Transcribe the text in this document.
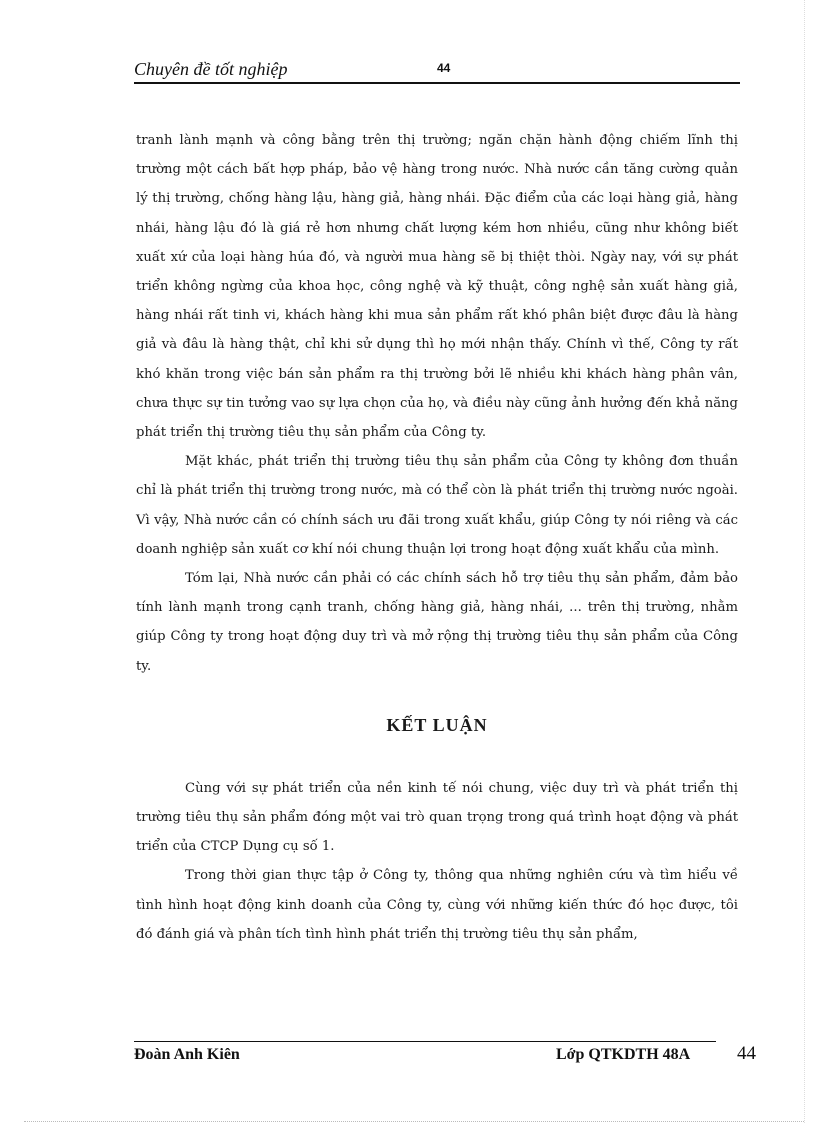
Chuyên đề tốt nghiệp	44

tranh lành mạnh và công bằng trên thị trường; ngăn chặn hành động chiếm lĩnh thị trường một cách bất hợp pháp, bảo vệ hàng trong nước. Nhà nước cần tăng cường quản lý thị trường, chống hàng lậu, hàng giả, hàng nhái. Đặc điểm của các loại hàng giả, hàng nhái, hàng lậu đó là giá rẻ hơn nhưng chất lượng kém hơn nhiều, cũng như không biết xuất xứ của loại hàng húa đó, và người mua hàng sẽ bị thiệt thòi. Ngày nay, với sự phát triển không ngừng của khoa học, công nghệ và kỹ thuật, công nghệ sản xuất hàng giả, hàng nhái rất tinh vi, khách hàng khi mua sản phẩm rất khó phân biệt được đâu là hàng giả và đâu là hàng thật, chỉ khi sử dụng thì họ mới nhận thấy. Chính vì thế, Công ty rất khó khăn trong việc bán sản phẩm ra thị trường bởi lẽ nhiều khi khách hàng phân vân, chưa thực sự tin tưởng vao sự lựa chọn của họ, và điều này cũng ảnh hưởng đến khả năng phát triển thị trường tiêu thụ sản phẩm của Công ty.

Mặt khác, phát triển thị trường tiêu thụ sản phẩm của Công ty không đơn thuần chỉ là phát triển thị trường trong nước, mà có thể còn là phát triển thị trường nước ngoài. Vì vậy, Nhà nước cần có chính sách ưu đãi trong xuất khẩu, giúp Công ty nói riêng và các doanh nghiệp sản xuất cơ khí nói chung thuận lợi trong hoạt động xuất khẩu của mình.

Tóm lại, Nhà nước cần phải có các chính sách hỗ trợ tiêu thụ sản phẩm, đảm bảo tính lành mạnh trong cạnh tranh, chống hàng giả, hàng nhái, ... trên thị trường, nhằm giúp Công ty trong hoạt động duy trì và mở rộng thị trường tiêu thụ sản phẩm của Công ty.

KẾT LUẬN

Cùng với sự phát triển của nền kinh tế nói chung, việc duy trì và phát triển thị trường tiêu thụ sản phẩm đóng một vai trò quan trọng trong quá trình hoạt động và phát triển của CTCP Dụng cụ số 1.

Trong thời gian thực tập ở Công ty, thông qua những nghiên cứu và tìm hiểu về tình hình hoạt động kinh doanh của Công ty, cùng với những kiến thức đó học được, tôi đó đánh giá và phân tích tình hình phát triển thị trường tiêu thụ sản phẩm,

Đoàn Anh Kiên	Lớp QTKDTH 48A 44
